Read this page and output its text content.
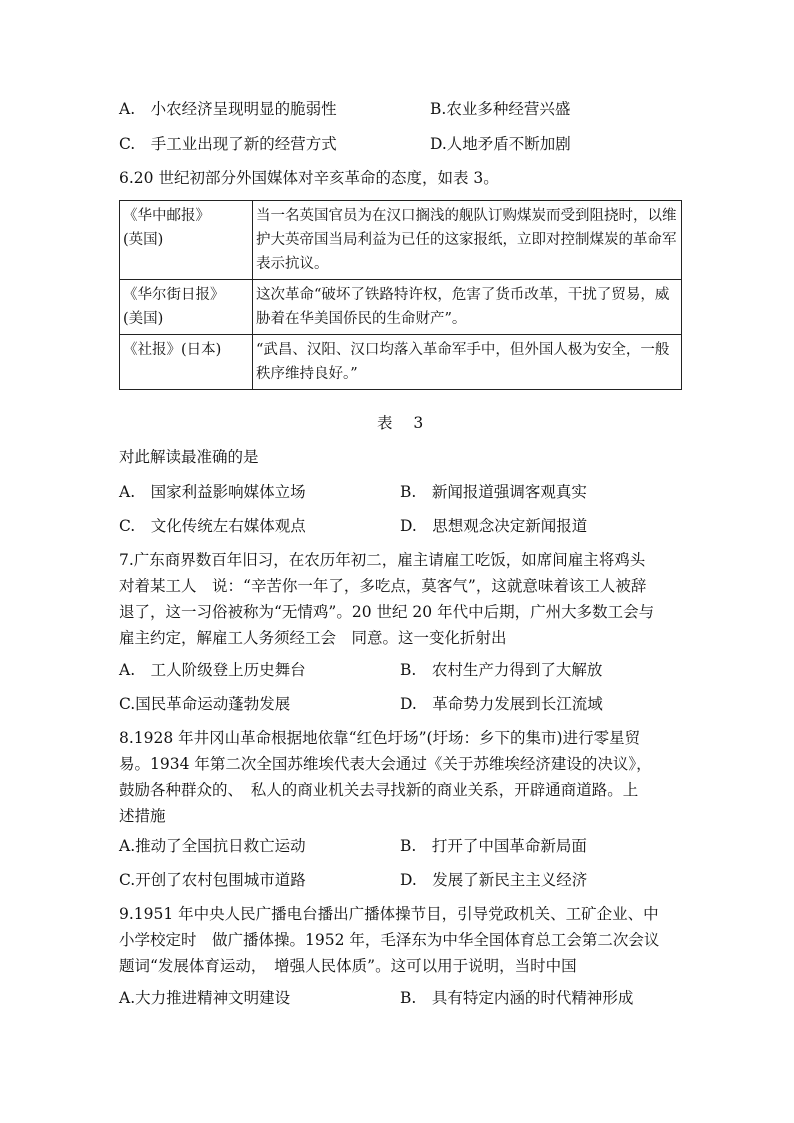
A.　小农经济呈现明显的脆弱性	B.农业多种经营兴盛
C.　手工业出现了新的经营方式	D.人地矛盾不断加剧
6.20 世纪初部分外国媒体对辛亥革命的态度，如表 3。
《华中邮报》
(英国)	当一名英国官员为在汉口搁浅的舰队订购煤炭而受到阻挠时，以维护大英帝国当局利益为已任的这家报纸，立即对控制煤炭的革命军表示抗议。

《华尔街日报》
(美国)	这次革命“破坏了铁路特许权，危害了货币改革，干扰了贸易，威胁着在华美国侨民的生命财产”。

《社报》(日本)	“武昌、汉阳、汉口均落入革命军手中，但外国人极为安全，一般秩序维持良好。”
表 3
对此解读最准确的是
A.　国家利益影响媒体立场	B.　新闻报道强调客观真实
C.　文化传统左右媒体观点	D.　思想观念决定新闻报道
7.广东商界数百年旧习，在农历年初二，雇主请雇工吃饭，如席间雇主将鸡头
对着某工人　说：“辛苦你一年了，多吃点，莫客气”，这就意味着该工人被辞
退了，这一习俗被称为“无情鸡”。20 世纪 20 年代中后期，广州大多数工会与
雇主约定，解雇工人务须经工会　同意。这一变化折射出
A.　工人阶级登上历史舞台	B.　农村生产力得到了大解放
C.国民革命运动蓬勃发展	D.　革命势力发展到长江流域
8.1928 年井冈山革命根据地依靠“红色圩场”(圩场：乡下的集市)进行零星贸
易。1934 年第二次全国苏维埃代表大会通过《关于苏维埃经济建设的决议》，
鼓励各种群众的、　私人的商业机关去寻找新的商业关系，开辟通商道路。上
述措施
A.推动了全国抗日救亡运动	B.　打开了中国革命新局面
C.开创了农村包围城市道路	D.　发展了新民主主义经济
9.1951 年中央人民广播电台播出广播体操节目，引导党政机关、工矿企业、中
小学校定时　做广播体操。1952 年，毛泽东为中华全国体育总工会第二次会议
题词“发展体育运动，　增强人民体质”。这可以用于说明，当时中国
A.大力推进精神文明建设	B.　具有特定内涵的时代精神形成
